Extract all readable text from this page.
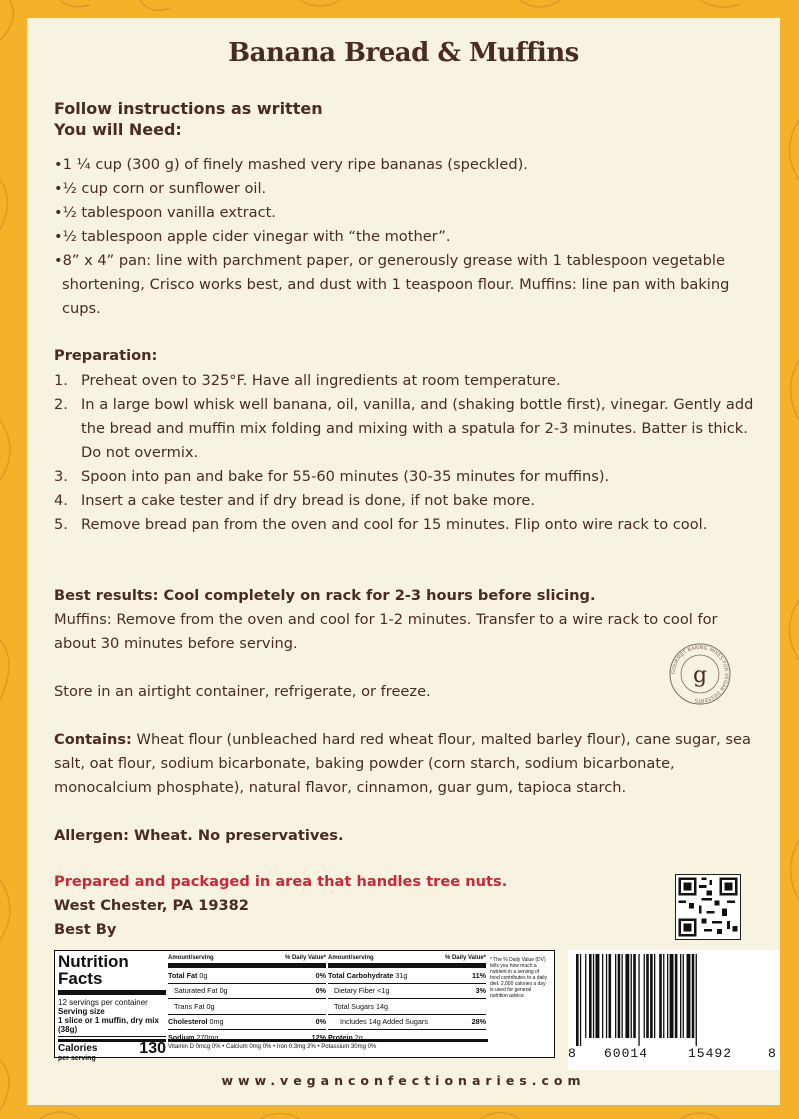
Banana Bread & Muffins
Follow instructions as written
You will Need:
•1 ¼ cup (300 g) of finely mashed very ripe bananas (speckled).
•½ cup corn or sunflower oil.
•½ tablespoon vanilla extract.
•½ tablespoon apple cider vinegar with “the mother”.
•8” x 4” pan: line with parchment paper, or generously grease with 1 tablespoon vegetable shortening, Crisco works best, and dust with 1 teaspoon flour. Muffins: line pan with baking cups.
Preparation:
1. Preheat oven to 325°F. Have all ingredients at room temperature.
2. In a large bowl whisk well banana, oil, vanilla, and (shaking bottle first), vinegar. Gently add the bread and muffin mix folding and mixing with a spatula for 2-3 minutes. Batter is thick. Do not overmix.
3. Spoon into pan and bake for 55-60 minutes (30-35 minutes for muffins).
4. Insert a cake tester and if dry bread is done, if not bake more.
5. Remove bread pan from the oven and cool for 15 minutes. Flip onto wire rack to cool.
Best results: Cool completely on rack for 2-3 hours before slicing.
Muffins: Remove from the oven and cool for 1-2 minutes. Transfer to a wire rack to cool for about 30 minutes before serving.
Store in an airtight container, refrigerate, or freeze.
Contains: Wheat flour (unbleached hard red wheat flour, malted barley flour), cane sugar, sea salt, oat flour, sodium bicarbonate, baking powder (corn starch, sodium bicarbonate, monocalcium phosphate), natural flavor, cinnamon, guar gum, tapioca starch.
Allergen: Wheat. No preservatives.
Prepared and packaged in area that handles tree nuts.
West Chester, PA 19382
Best By
GOURMET BAKING MIXES FOR VEGAN DESSERTS
g
Nutrition
Facts
12 servings per container
Serving size
1 slice or 1 muffin, dry mix (38g)
Calories
per serving
130
Amount/serving	% Daily Value*
Total Fat 0g	0%
Saturated Fat 0g	0%
Trans Fat 0g
Cholesterol 0mg	0%
Sodium 270mg	12%
Amount/serving	% Daily Value*
Total Carbohydrate 31g	11%
Dietary Fiber <1g	3%
Total Sugars 14g
Includes 14g Added Sugars	28%
Protein 2g
Vitamin D 0mcg 0% • Calcium 0mg 0% • Iron 0.3mg 2% • Potassium 30mg 0%
* The % Daily Value (DV) tells you how much a nutrient in a serving of food contributes to a daily diet. 2,000 calories a day is used for general nutrition advice.
8 60014	15492	8
www.veganconfectionaries.com
